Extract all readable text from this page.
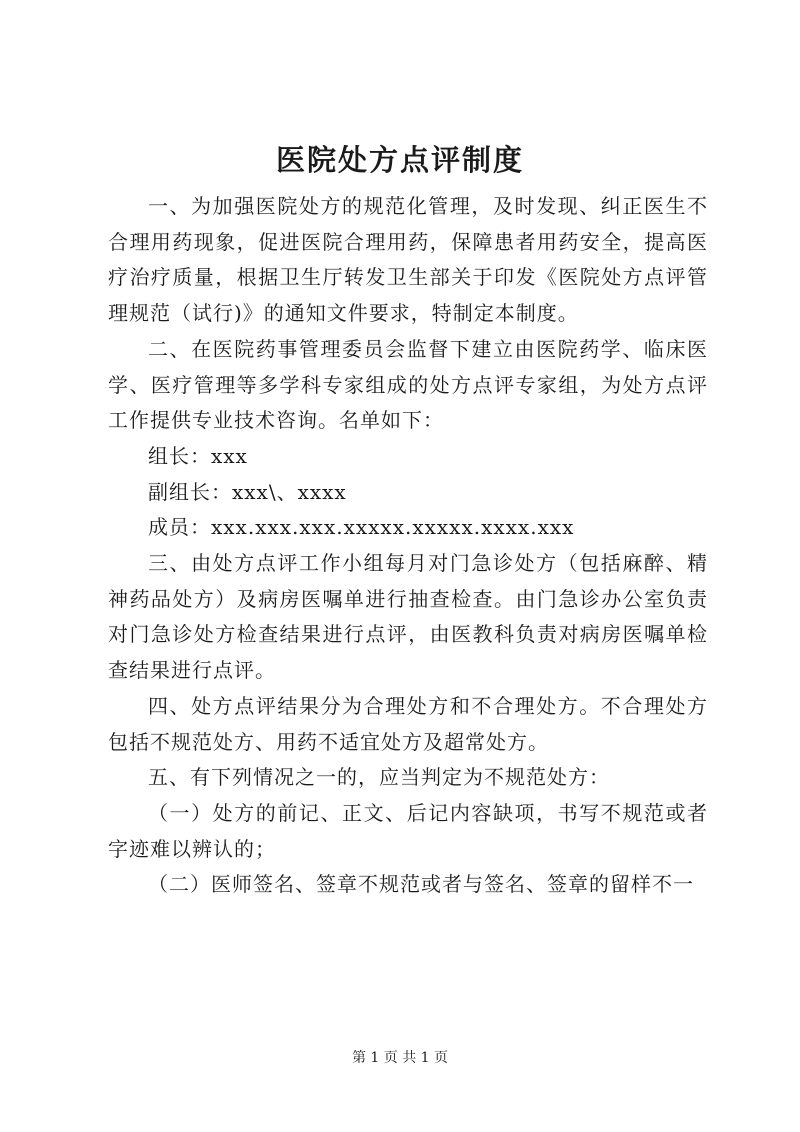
医院处方点评制度

一、为加强医院处方的规范化管理，及时发现、纠正医生不合理用药现象，促进医院合理用药，保障患者用药安全，提高医疗治疗质量，根据卫生厅转发卫生部关于印发《医院处方点评管理规范（试行)》的通知文件要求，特制定本制度。

二、在医院药事管理委员会监督下建立由医院药学、临床医学、医疗管理等多学科专家组成的处方点评专家组，为处方点评工作提供专业技术咨询。名单如下：

组长：xxx

副组长：xxx\、xxxx

成员：xxx.xxx.xxx.xxxxx.xxxxx.xxxx.xxx

三、由处方点评工作小组每月对门急诊处方（包括麻醉、精神药品处方）及病房医嘱单进行抽查检查。由门急诊办公室负责对门急诊处方检查结果进行点评，由医教科负责对病房医嘱单检查结果进行点评。

四、处方点评结果分为合理处方和不合理处方。不合理处方包括不规范处方、用药不适宜处方及超常处方。

五、有下列情况之一的，应当判定为不规范处方：

（一）处方的前记、正文、后记内容缺项，书写不规范或者字迹难以辨认的；

（二）医师签名、签章不规范或者与签名、签章的留样不一

第 1 页 共 1 页
